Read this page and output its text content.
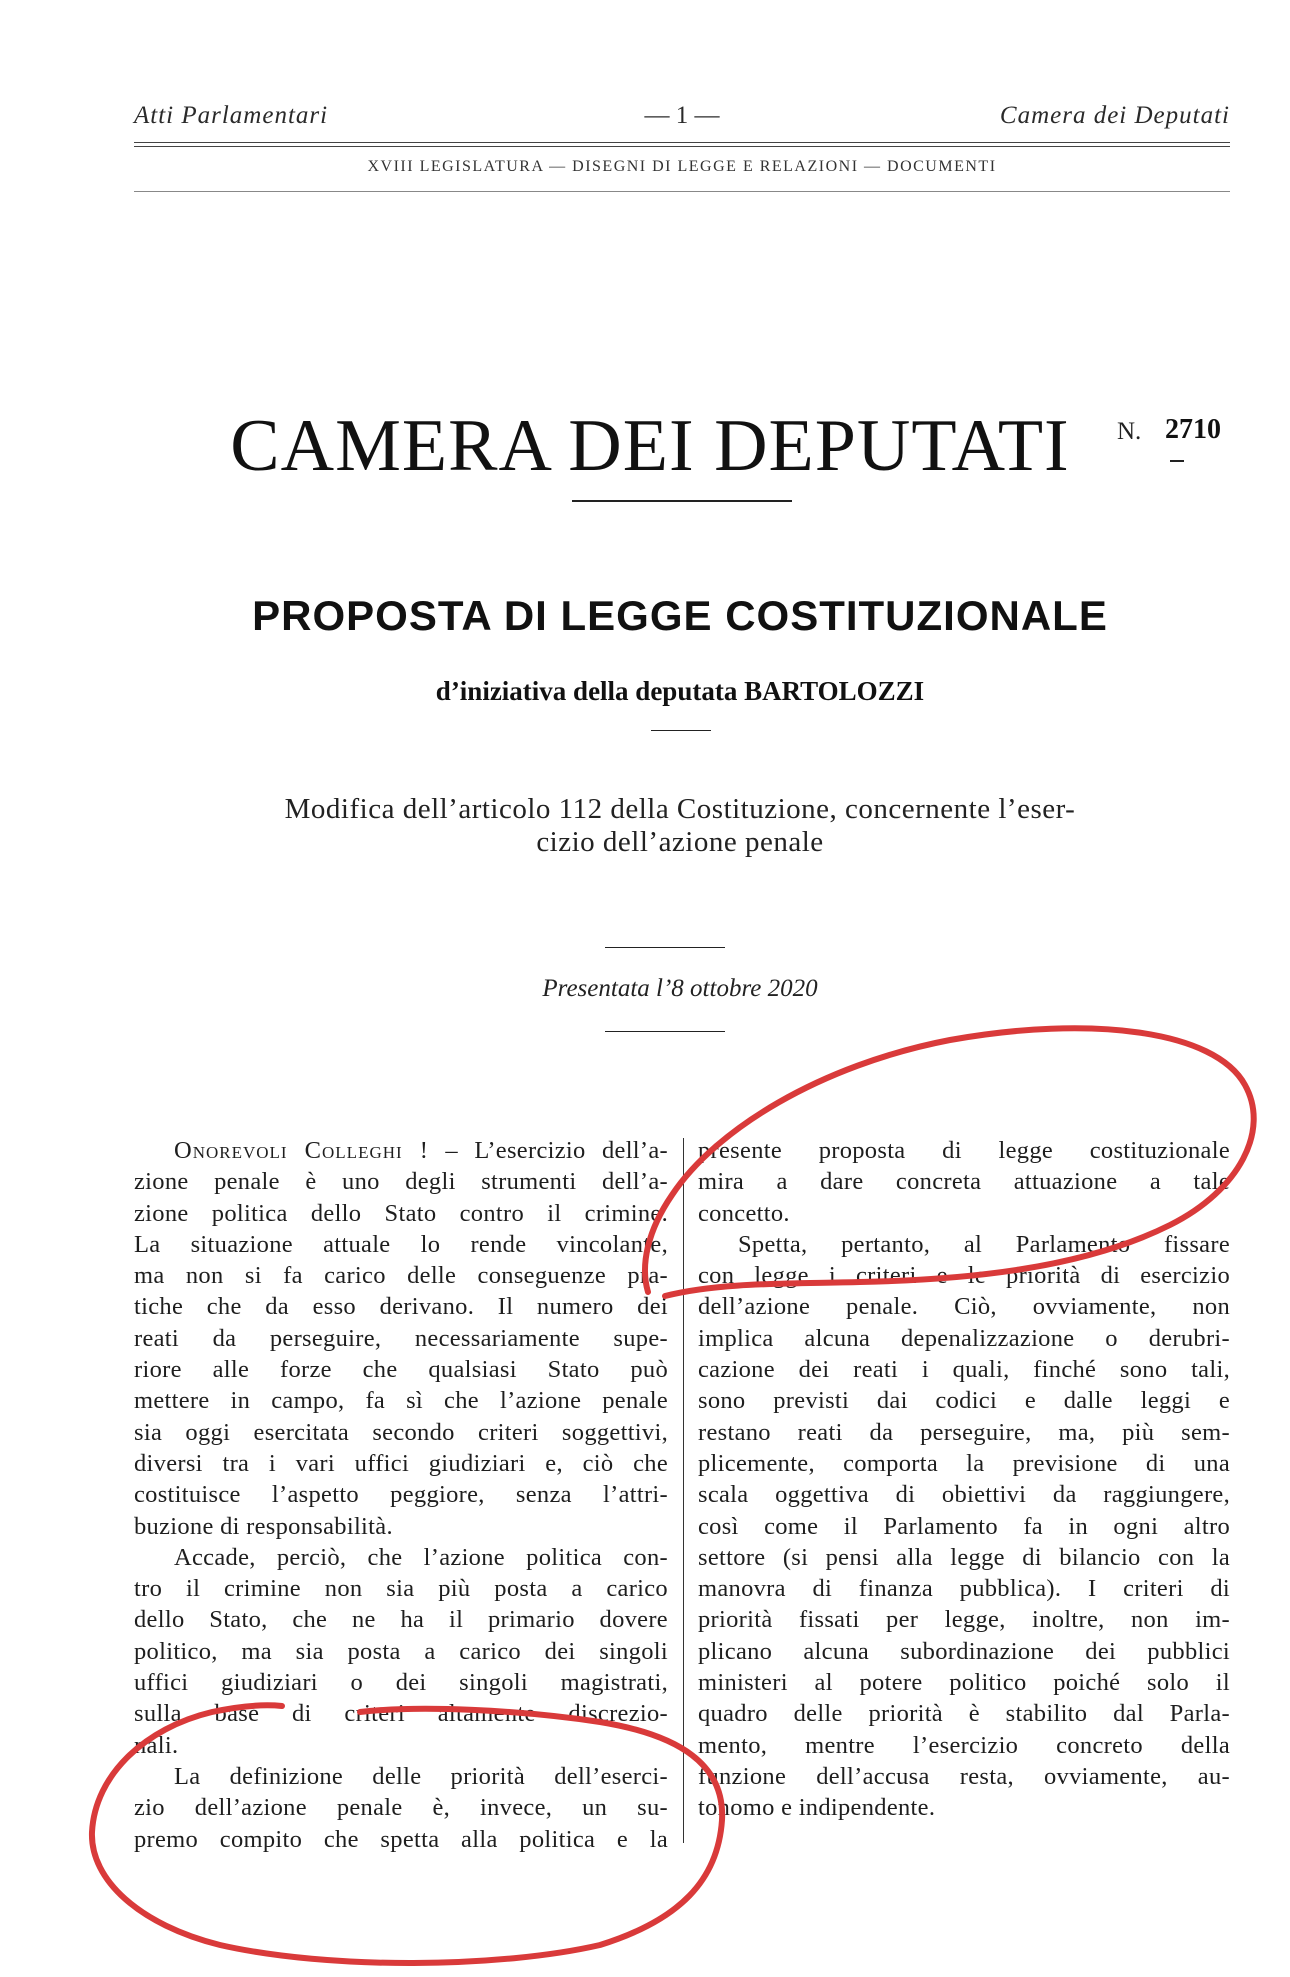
Atti Parlamentari	— 1 —	Camera dei Deputati
XVIII LEGISLATURA — DISEGNI DI LEGGE E RELAZIONI — DOCUMENTI
CAMERA DEI DEPUTATI	N. 2710
PROPOSTA DI LEGGE COSTITUZIONALE
d’iniziativa della deputata BARTOLOZZI
Modifica dell’articolo 112 della Costituzione, concernente l’eser-
cizio dell’azione penale
Presentata l’8 ottobre 2020
Onorevoli Colleghi ! – L’esercizio dell’a-
zione penale è uno degli strumenti dell’a-
zione politica dello Stato contro il crimine.
La situazione attuale lo rende vincolante,
ma non si fa carico delle conseguenze pra-
tiche che da esso derivano. Il numero dei
reati da perseguire, necessariamente supe-
riore alle forze che qualsiasi Stato può
mettere in campo, fa sì che l’azione penale
sia oggi esercitata secondo criteri soggettivi,
diversi tra i vari uffici giudiziari e, ciò che
costituisce l’aspetto peggiore, senza l’attri-
buzione di responsabilità.
Accade, perciò, che l’azione politica con-
tro il crimine non sia più posta a carico
dello Stato, che ne ha il primario dovere
politico, ma sia posta a carico dei singoli
uffici giudiziari o dei singoli magistrati,
sulla base di criteri altamente discrezio-
nali.
La definizione delle priorità dell’eserci-
zio dell’azione penale è, invece, un su-
premo compito che spetta alla politica e la
presente proposta di legge costituzionale
mira a dare concreta attuazione a tale
concetto.
Spetta, pertanto, al Parlamento fissare
con legge i criteri e le priorità di esercizio
dell’azione penale. Ciò, ovviamente, non
implica alcuna depenalizzazione o derubri-
cazione dei reati i quali, finché sono tali,
sono previsti dai codici e dalle leggi e
restano reati da perseguire, ma, più sem-
plicemente, comporta la previsione di una
scala oggettiva di obiettivi da raggiungere,
così come il Parlamento fa in ogni altro
settore (si pensi alla legge di bilancio con la
manovra di finanza pubblica). I criteri di
priorità fissati per legge, inoltre, non im-
plicano alcuna subordinazione dei pubblici
ministeri al potere politico poiché solo il
quadro delle priorità è stabilito dal Parla-
mento, mentre l’esercizio concreto della
funzione dell’accusa resta, ovviamente, au-
tonomo e indipendente.
